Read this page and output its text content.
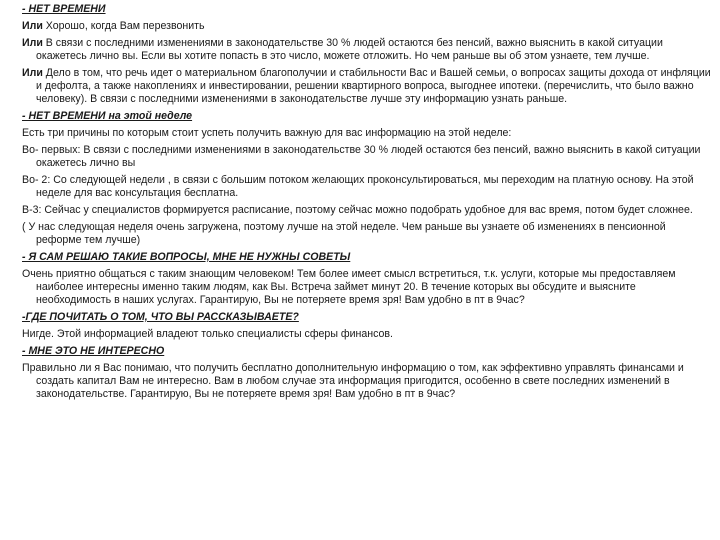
- НЕТ ВРЕМЕНИ
Или Хорошо, когда Вам перезвонить
Или В связи с последними изменениями в законодательстве 30 % людей остаются без пенсий, важно выяснить в какой ситуации окажетесь лично вы. Если вы хотите попасть в это число, можете отложить. Но чем раньше вы об этом узнаете, тем лучше.
Или Дело в том, что речь идет о материальном благополучии и стабильности Вас и Вашей семьи, о вопросах защиты дохода от инфляции и дефолта, а также накоплениях и инвестировании, решении квартирного вопроса, выгоднее ипотеки. (перечислить, что было важно человеку). В связи с последними изменениями в законодательстве лучше эту информацию узнать раньше.
- НЕТ ВРЕМЕНИ на этой неделе
Есть три причины по которым стоит успеть получить важную для вас информацию на этой неделе:
Во- первых: В связи с последними изменениями в законодательстве 30 % людей остаются без пенсий, важно выяснить в какой ситуации окажетесь лично вы
Во- 2: Со следующей недели , в связи с большим потоком желающих проконсультироваться, мы переходим на платную основу. На этой неделе для вас консультация бесплатна.
В-3: Сейчас у специалистов формируется расписание, поэтому сейчас можно подобрать удобное для вас время, потом будет сложнее.
( У нас следующая неделя очень загружена, поэтому лучше на этой неделе. Чем раньше вы узнаете об изменениях в пенсионной реформе тем лучше)
- Я САМ РЕШАЮ ТАКИЕ ВОПРОСЫ, МНЕ НЕ НУЖНЫ СОВЕТЫ
Очень приятно общаться с таким знающим человеком! Тем более имеет смысл встретиться, т.к. услуги, которые мы предоставляем наиболее интересны именно таким людям, как Вы. Встреча займет минут 20. В течение которых вы обсудите и выясните необходимость в наших услугах. Гарантирую, Вы не потеряете время зря! Вам удобно в пт в 9час?
-ГДЕ ПОЧИТАТЬ О ТОМ, ЧТО ВЫ РАССКАЗЫВАЕТЕ?
Нигде. Этой информацией владеют только специалисты сферы финансов.
- МНЕ ЭТО НЕ ИНТЕРЕСНО
Правильно ли я Вас понимаю, что получить бесплатно дополнительную информацию о том, как эффективно управлять финансами и создать капитал Вам не интересно. Вам в любом случае эта информация пригодится, особенно в свете последних изменений в законодательстве. Гарантирую, Вы не потеряете время зря! Вам удобно в пт в 9час?
